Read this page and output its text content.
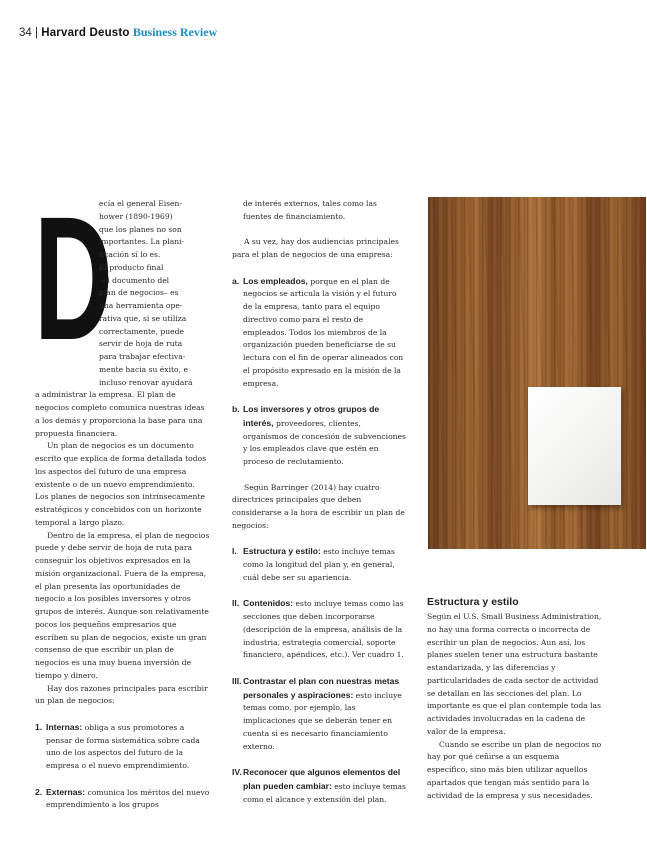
34 | Harvard Deusto Business Review
D
ecía el general Eisen-
hower (1890-1969)
que los planes no son
importantes. La plani-
ficación sí lo es.
El producto final
–el documento del
plan de negocios– es
una herramienta ope-
rativa que, si se utiliza
correctamente, puede
servir de hoja de ruta
para trabajar efectiva-
mente hacia su éxito, e
incluso renovar ayudará

a administrar la empresa. El plan de negocios completo comunica nuestras ideas a los demás y proporciona la base para una propuesta financiera.

Un plan de negocios es un documento escrito que explica de forma detallada todos los aspectos del futuro de una empresa existente o de un nuevo emprendimiento. Los planes de negocios son intrínsecamente estratégicos y concebidos con un horizonte temporal a largo plazo.

Dentro de la empresa, el plan de negocios puede y debe servir de hoja de ruta para conseguir los objetivos expresados en la misión organizacional. Fuera de la empresa, el plan presenta las oportunidades de negocio a los posibles inversores y otros grupos de interés. Aunque son relativamente pocos los pequeños empresarios que escriben su plan de negocios, existe un gran consenso de que escribir un plan de negocios es una muy buena inversión de tiempo y dinero.

Hay dos razones principales para escribir un plan de negocios:

1. Internas: obliga a sus promotores a pensar de forma sistemática sobre cada uno de los aspectos del futuro de la empresa o el nuevo emprendimiento.
2. Externas: comunica los méritos del nuevo emprendimiento a los grupos
de interés externos, tales como las fuentes de financiamiento.

A su vez, hay dos audiencias principales para el plan de negocios de una empresa:

a. Los empleados, porque en el plan de negocios se articula la visión y el futuro de la empresa, tanto para el equipo directivo como para el resto de empleados. Todos los miembros de la organización pueden beneficiarse de su lectura con el fin de operar alineados con el propósito expresado en la misión de la empresa.
b. Los inversores y otros grupos de interés, proveedores, clientes, organismos de concesión de subvenciones y los empleados clave que estén en proceso de reclutamiento.

Según Barringer (2014) hay cuatro directrices principales que deben considerarse a la hora de escribir un plan de negocios:

I. Estructura y estilo: esto incluye temas como la longitud del plan y, en general, cuál debe ser su apariencia.
II. Contenidos: esto incluye temas como las secciones que deben incorporarse (descripción de la empresa, análisis de la industria, estrategia comercial, soporte financiero, apéndices, etc.). Ver cuadro 1.
III. Contrastar el plan con nuestras metas personales y aspiraciones: esto incluye temas como, por ejemplo, las implicaciones que se deberán tener en cuenta si es necesario financiamiento externo.
IV. Reconocer que algunos elementos del plan pueden cambiar: esto incluye temas como el alcance y extensión del plan.
Estructura y estilo

Según el U.S. Small Business Administration, no hay una forma correcta o incorrecta de escribir un plan de negocios. Aun así, los planes suelen tener una estructura bastante estandarizada, y las diferencias y particularidades de cada sector de actividad se detallan en las secciones del plan. Lo importante es que el plan contemple toda las actividades involucradas en la cadena de valor de la empresa.

Cuando se escribe un plan de negocios no hay por qué ceñirse a un esquema específico, sino más bien utilizar aquellos apartados que tengan más sentido para la actividad de la empresa y sus necesidades.
